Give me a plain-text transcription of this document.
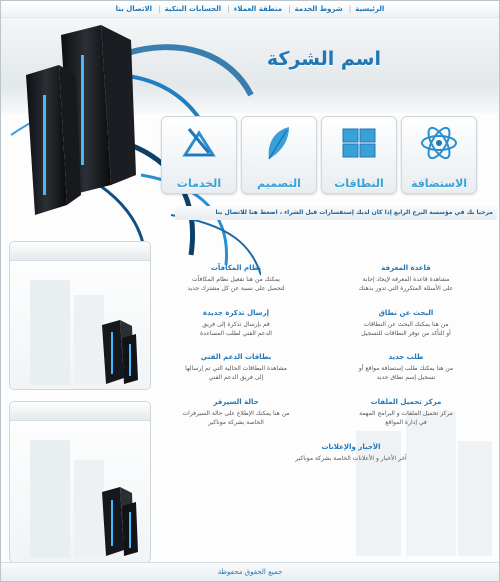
الرئيسية| شروط الخدمة| منطقة العملاء| الحسابات البنكية| الاتصال بنا
اسم الشركة
الاستضافة
النطاقات
التصميم
الخدمات
مرحبا بك في مؤسسة البرج الرابع إذا كان لديك إستفسارات قبل الشراء ، اضغط هنا للاتصال بنا
قاعدة المعرفة
مشاهدة قاعدة المعرفة لإيجاد إجابة
على الأسئلة المتكررة التي تدور بذهنك
نظام المكافآت
يمكنك من هنا تفعيل نظام المكافآت
لتحصل على نسبة عن كل مشترك جديد
البحث عن نطاق
من هنا يمكنك البحث عن النطاقات
أو التأكد من توفر النطاقات للتسجيل
إرسال تذكرة جديدة
قم بإرسال تذكرة إلى فريق
الدعم الفني لطلب المساعدة
طلب جديد
من هنا يمكنك طلب إستضافة مواقع أو
تسجيل إسم نطاق جديد
بطاقات الدعم الفني
مشاهدة البطاقات الحالية التي تم إرسالها
إلى فريق الدعم الفني
مركز تحميل الملفات
مركز تحميل الملفات و البرامج المهمة
في إدارة المواقع
حالة السيرفر
من هنا يمكنك الإطلاع على حالة السيرفرات
الخاصة بشركة موناكير
الأخبار والإعلانات
آخر الأخبار و الأعلانات الخاصة بشركة موناكير
جميع الحقوق محفوظة
